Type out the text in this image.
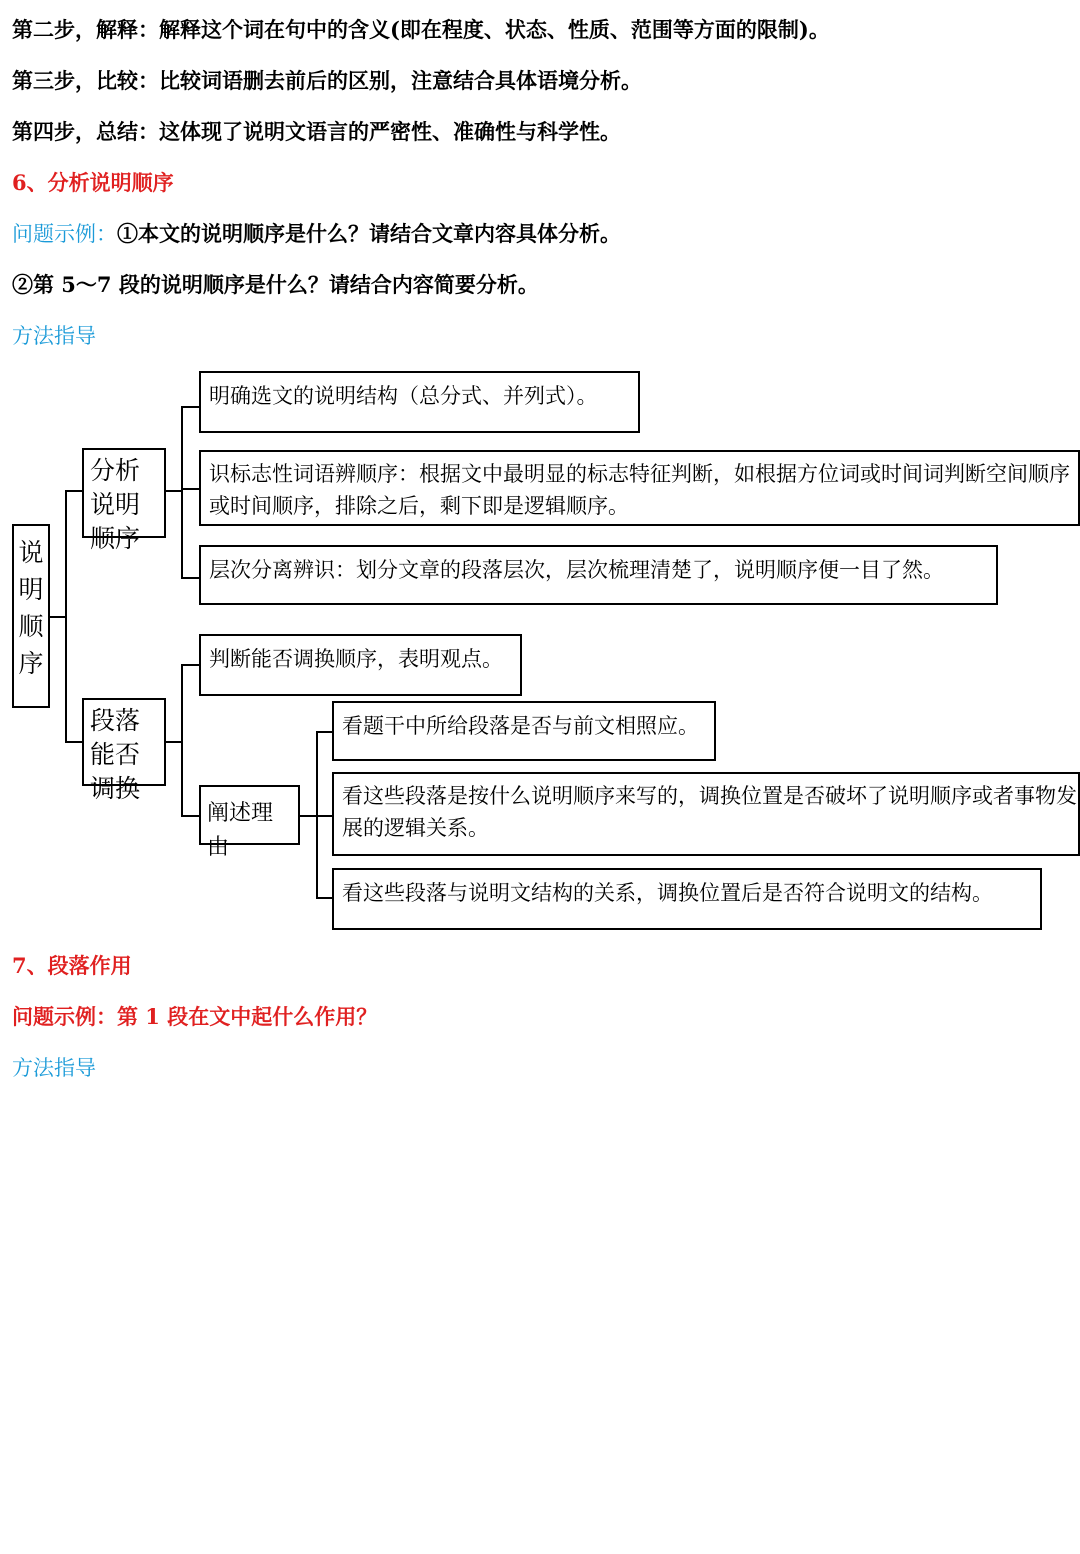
第二步，解释：解释这个词在句中的含义(即在程度、状态、性质、范围等方面的限制)。
第三步，比较：比较词语删去前后的区别，注意结合具体语境分析。
第四步，总结：这体现了说明文语言的严密性、准确性与科学性。
6、分析说明顺序
问题示例：①本文的说明顺序是什么？请结合文章内容具体分析。
②第 5～7 段的说明顺序是什么？请结合内容简要分析。
方法指导
说明顺序
分析说明顺序
明确选文的说明结构（总分式、并列式）。
识标志性词语辨顺序：根据文中最明显的标志特征判断，如根据方位词或时间词判断空间顺序或时间顺序，排除之后，剩下即是逻辑顺序。
层次分离辨识：划分文章的段落层次，层次梳理清楚了，说明顺序便一目了然。
段落能否调换
判断能否调换顺序，表明观点。
阐述理由
看题干中所给段落是否与前文相照应。
看这些段落是按什么说明顺序来写的，调换位置是否破坏了说明顺序或者事物发展的逻辑关系。
看这些段落与说明文结构的关系，调换位置后是否符合说明文的结构。
7、段落作用
问题示例：第 1 段在文中起什么作用？
方法指导
